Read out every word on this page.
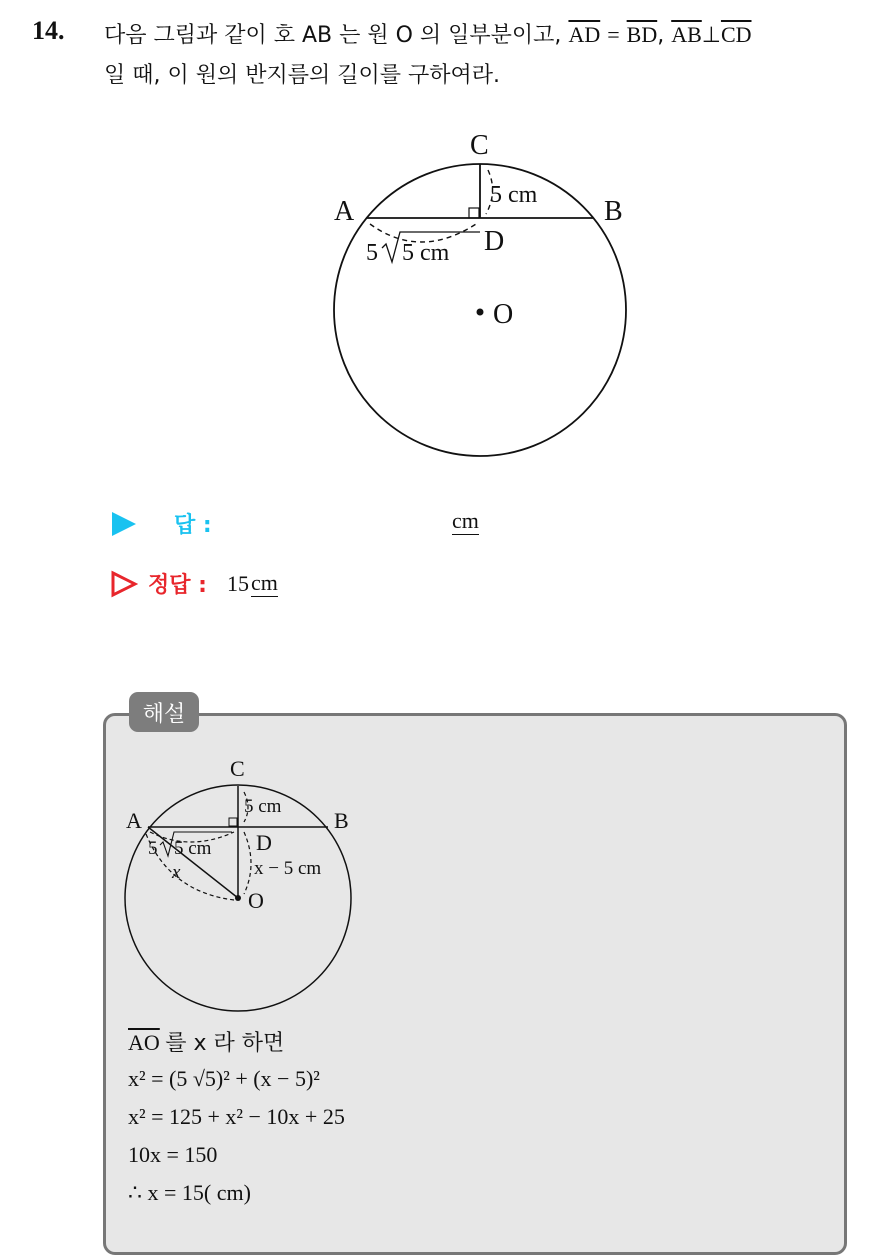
14. 다음 그림과 같이 호 AB 는 원 O 의 일부분이고, $\overline{AD} = \overline{BD}$, $\overline{AB}\perp\overline{CD}$
일 때, 이 원의 반지름의 길이를 구하여라.
C
A	B
D
O
5 cm
5 5 cm
답 :	cm
정답 : 15 cm
해설
C
A	B
D
O
5 cm
5 5 cm
x	x − 5 cm
$\overline{AO}$ 를 x 라 하면
x² = (5 √5)² + (x − 5)²
x² = 125 + x² − 10x + 25
10x = 150
∴ x = 15( cm)
